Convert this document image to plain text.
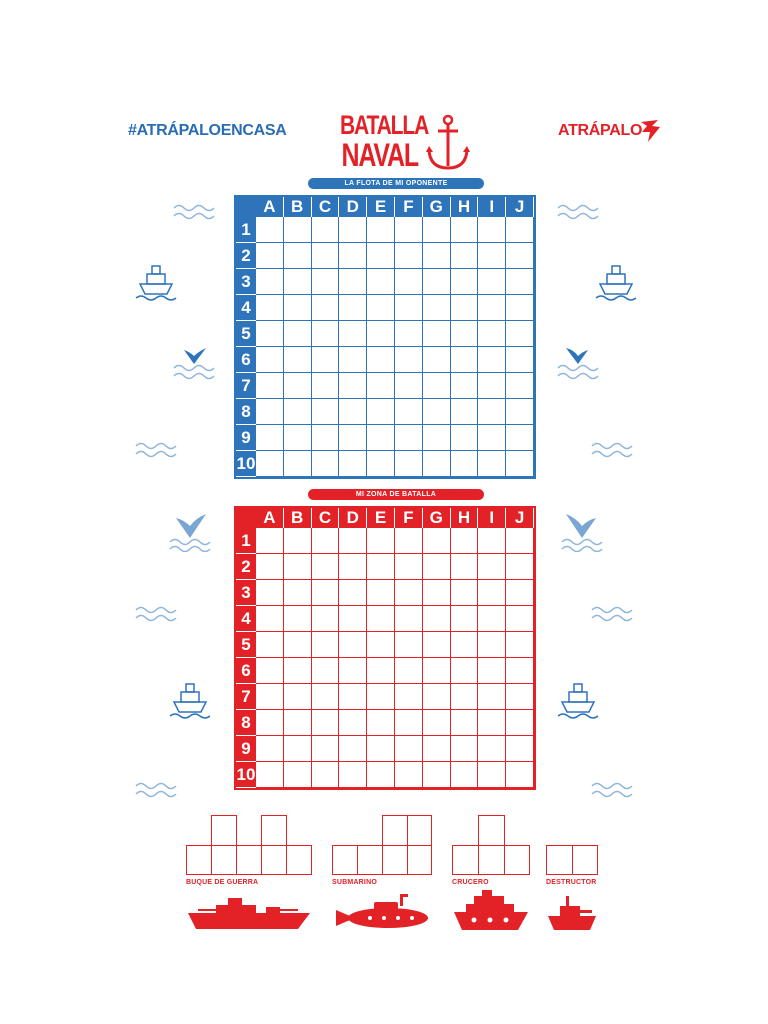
#ATRÁPALOENCASA BATALLA
NAVAL
ATRÁPALO
LA FLOTA DE MI OPONENTE
A B C D E F G H	I	J
1
2
3
4
5
6
7
8
9
10
MI ZONA DE BATALLA
A B C D E F G H	I	J
1
2
3
4
5
6
7
8
9
10
BUQUE DE GUERRA	SUBMARINO	CRUCERO	DESTRUCTOR
